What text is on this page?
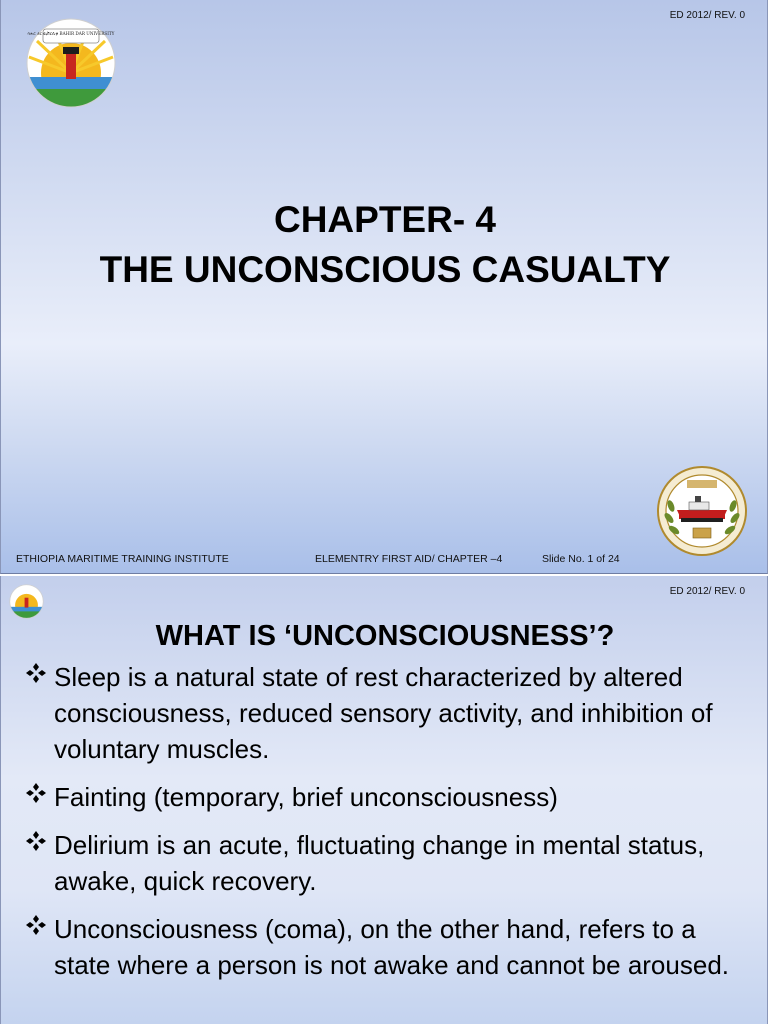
ED 2012/ REV. 0
ባሕር ዳር ዩኒቨርሲቲ BAHIR DAR UNIVERSITY
CHAPTER- 4
THE UNCONSCIOUS CASUALTY
ETHIOPIA MARITIME TRAINING INSTITUTE	ELEMENTRY FIRST AID/ CHAPTER –4	Slide No. 1 of 24
ED 2012/ REV. 0
WHAT IS ‘UNCONSCIOUSNESS’?
Sleep is a natural state of rest characterized by altered consciousness, reduced sensory activity, and inhibition of voluntary muscles.
Fainting (temporary, brief unconsciousness)
Delirium is an acute, fluctuating change in mental status, awake, quick recovery.
Unconsciousness (coma), on the other hand, refers to a state where a person is not awake and cannot be aroused.
